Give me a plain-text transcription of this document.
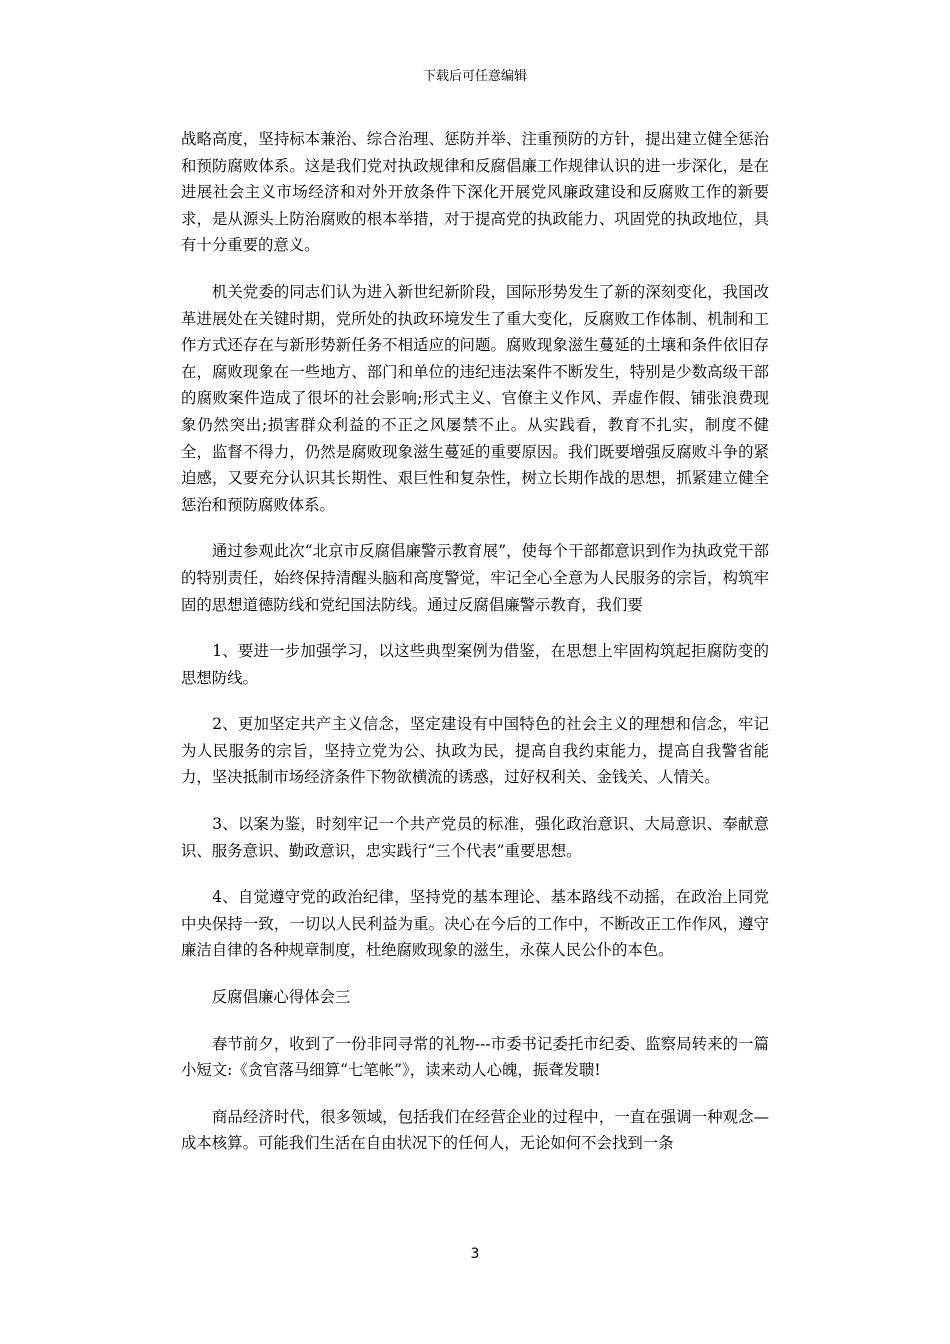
下载后可任意编辑

战略高度，坚持标本兼治、综合治理、惩防并举、注重预防的方针，提出建立健全惩治和预防腐败体系。这是我们党对执政规律和反腐倡廉工作规律认识的进一步深化，是在进展社会主义市场经济和对外开放条件下深化开展党风廉政建设和反腐败工作的新要求，是从源头上防治腐败的根本举措，对于提高党的执政能力、巩固党的执政地位，具有十分重要的意义。

　　机关党委的同志们认为进入新世纪新阶段，国际形势发生了新的深刻变化，我国改革进展处在关键时期，党所处的执政环境发生了重大变化，反腐败工作体制、机制和工作方式还存在与新形势新任务不相适应的问题。腐败现象滋生蔓延的土壤和条件依旧存在，腐败现象在一些地方、部门和单位的违纪违法案件不断发生，特别是少数高级干部的腐败案件造成了很坏的社会影响;形式主义、官僚主义作风、弄虚作假、铺张浪费现象仍然突出;损害群众利益的不正之风屡禁不止。从实践看，教育不扎实，制度不健全，监督不得力，仍然是腐败现象滋生蔓延的重要原因。我们既要增强反腐败斗争的紧迫感，又要充分认识其长期性、艰巨性和复杂性，树立长期作战的思想，抓紧建立健全惩治和预防腐败体系。

　　通过参观此次“北京市反腐倡廉警示教育展”，使每个干部都意识到作为执政党干部的特别责任，始终保持清醒头脑和高度警觉，牢记全心全意为人民服务的宗旨，构筑牢固的思想道德防线和党纪国法防线。通过反腐倡廉警示教育，我们要

　　1、要进一步加强学习，以这些典型案例为借鉴，在思想上牢固构筑起拒腐防变的思想防线。

　　2、更加坚定共产主义信念，坚定建设有中国特色的社会主义的理想和信念，牢记为人民服务的宗旨，坚持立党为公、执政为民，提高自我约束能力，提高自我警省能力，坚决抵制市场经济条件下物欲横流的诱惑，过好权利关、金钱关、人情关。

　　3、以案为鉴，时刻牢记一个共产党员的标准，强化政治意识、大局意识、奉献意识、服务意识、勤政意识，忠实践行“三个代表”重要思想。

　　4、自觉遵守党的政治纪律，坚持党的基本理论、基本路线不动摇，在政治上同党中央保持一致，一切以人民利益为重。决心在今后的工作中，不断改正工作作风，遵守廉洁自律的各种规章制度，杜绝腐败现象的滋生，永葆人民公仆的本色。

　　反腐倡廉心得体会三

　　春节前夕，收到了一份非同寻常的礼物---市委书记委托市纪委、监察局转来的一篇小短文:《贪官落马细算“七笔帐”》，读来动人心魄，振聋发聩!

　　商品经济时代，很多领域，包括我们在经营企业的过程中，一直在强调一种观念—成本核算。可能我们生活在自由状况下的任何人，无论如何不会找到一条

3
